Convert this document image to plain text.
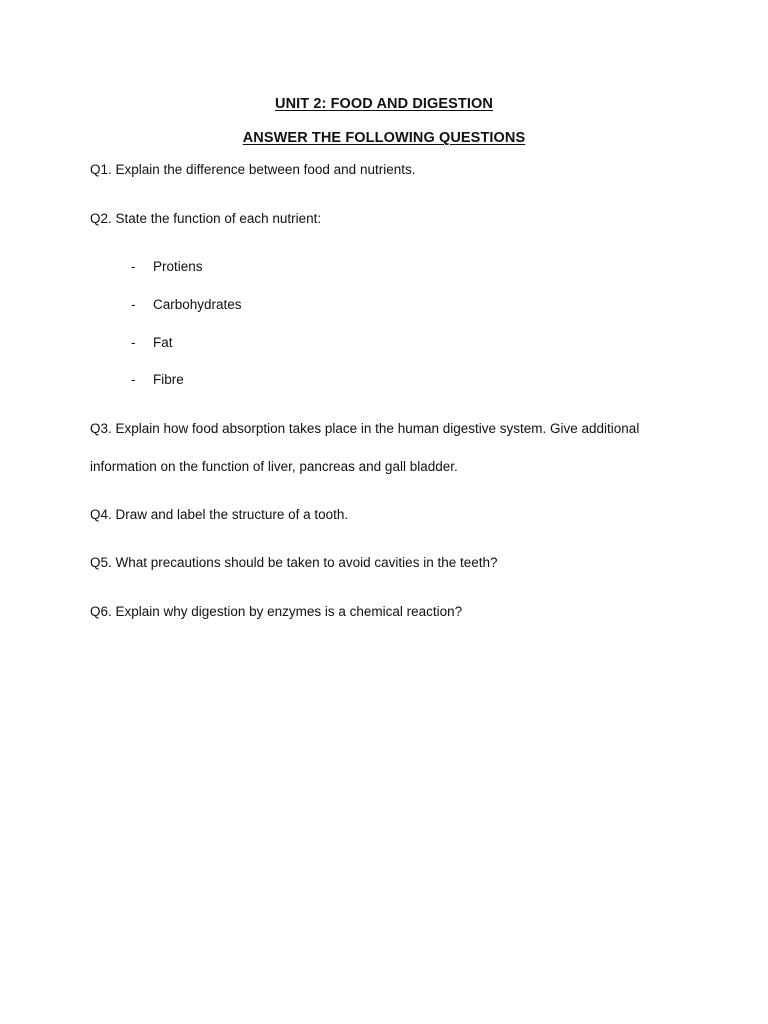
UNIT 2: FOOD AND DIGESTION
ANSWER THE FOLLOWING QUESTIONS
Q1. Explain the difference between food and nutrients.
Q2. State the function of each nutrient:
- Protiens
- Carbohydrates
- Fat
- Fibre
Q3. Explain how food absorption takes place in the human digestive system. Give additional
information on the function of liver, pancreas and gall bladder.
Q4. Draw and label the structure of a tooth.
Q5. What precautions should be taken to avoid cavities in the teeth?
Q6. Explain why digestion by enzymes is a chemical reaction?
